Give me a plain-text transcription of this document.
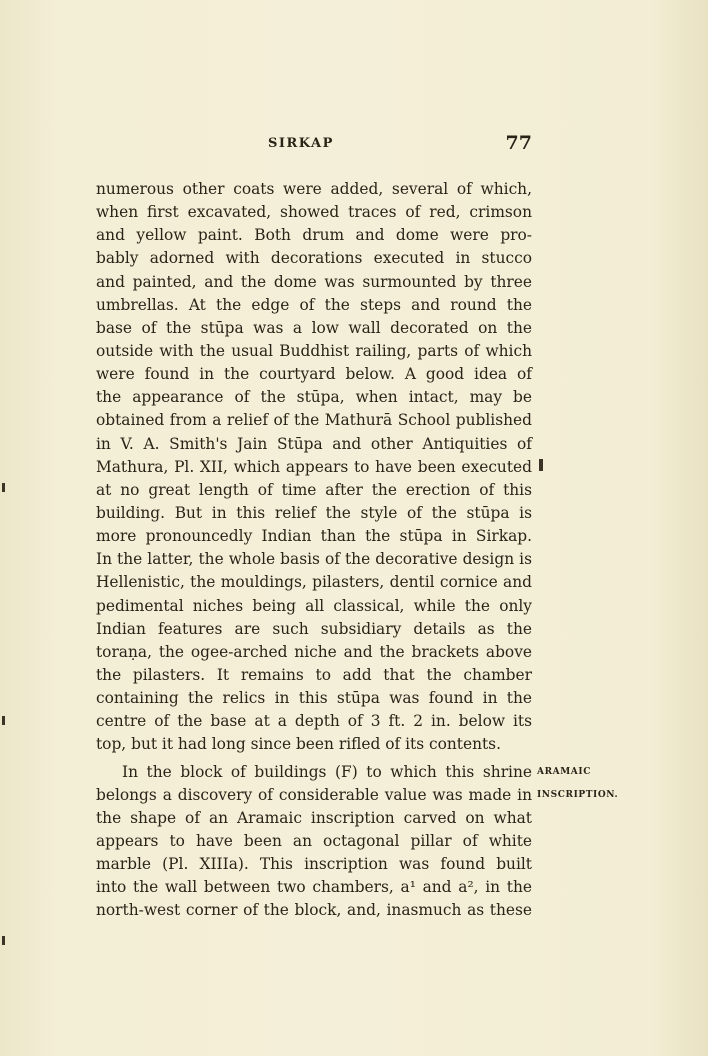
SIRKAP	77
numerous other coats were added, several of which,
when first excavated, showed traces of red, crimson
and yellow paint. Both drum and dome were pro-
bably adorned with decorations executed in stucco
and painted, and the dome was surmounted by three
umbrellas. At the edge of the steps and round the
base of the stūpa was a low wall decorated on the
outside with the usual Buddhist railing, parts of which
were found in the courtyard below. A good idea of
the appearance of the stūpa, when intact, may be
obtained from a relief of the Mathurā School published
in V. A. Smith's Jain Stūpa and other Antiquities of
Mathura, Pl. XII, which appears to have been executed
at no great length of time after the erection of this
building. But in this relief the style of the stūpa is
more pronouncedly Indian than the stūpa in Sirkap.
In the latter, the whole basis of the decorative design is
Hellenistic, the mouldings, pilasters, dentil cornice and
pedimental niches being all classical, while the only
Indian features are such subsidiary details as the
toraṇa, the ogee-arched niche and the brackets above
the pilasters. It remains to add that the chamber
containing the relics in this stūpa was found in the
centre of the base at a depth of 3 ft. 2 in. below its
top, but it had long since been rifled of its contents.
In the block of buildings (F) to which this shrine
belongs a discovery of considerable value was made in
the shape of an Aramaic inscription carved on what
appears to have been an octagonal pillar of white
marble (Pl. XIIIa). This inscription was found built
into the wall between two chambers, a¹ and a², in the
north-west corner of the block, and, inasmuch as these
ARAMAIC
INSCRIPTION.
